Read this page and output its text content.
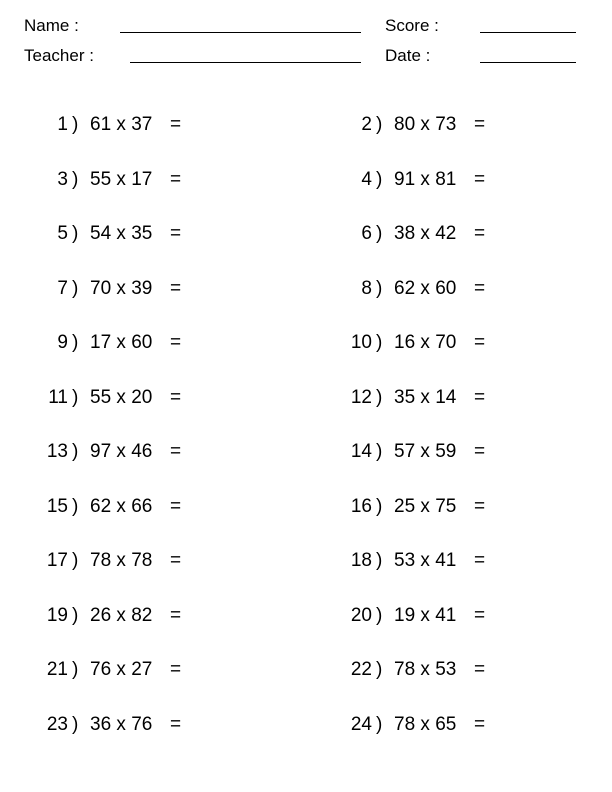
Name :	Score :
Teacher :	Date :
1 ) 61 x 37 =	2 ) 80 x 73 =
3 ) 55 x 17 =	4 ) 91 x 81 =
5 ) 54 x 35 =	6 ) 38 x 42 =
7 ) 70 x 39 =	8 ) 62 x 60 =
9 ) 17 x 60 =	10 ) 16 x 70 =
11 ) 55 x 20 =	12 ) 35 x 14 =
13 ) 97 x 46 =	14 ) 57 x 59 =
15 ) 62 x 66 =	16 ) 25 x 75 =
17 ) 78 x 78 =	18 ) 53 x 41 =
19 ) 26 x 82 =	20 ) 19 x 41 =
21 ) 76 x 27 =	22 ) 78 x 53 =
23 ) 36 x 76 =	24 ) 78 x 65 =
